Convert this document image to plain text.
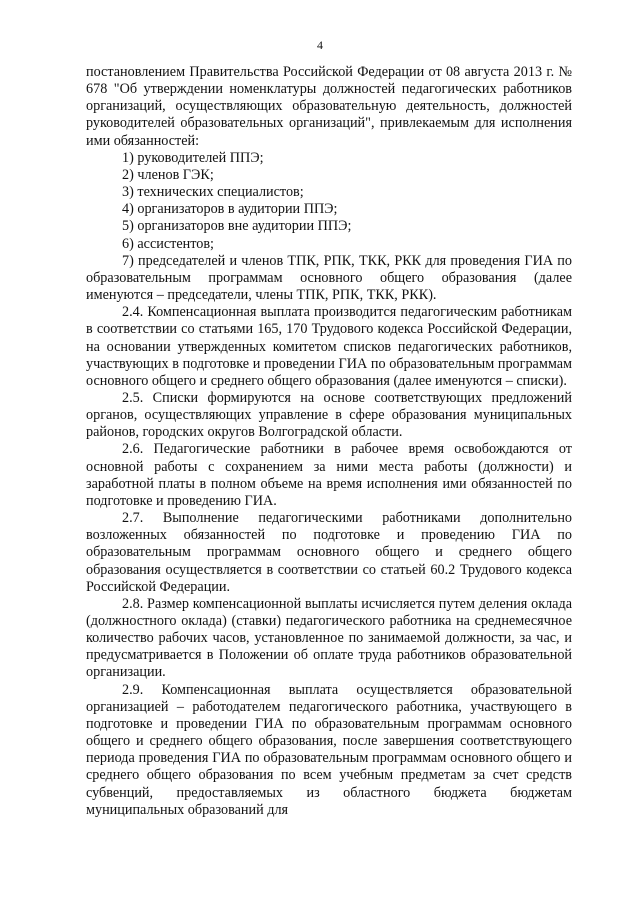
4

постановлением Правительства Российской Федерации от 08 августа 2013 г. № 678 "Об утверждении номенклатуры должностей педагогических работников организаций, осуществляющих образовательную деятельность, должностей руководителей образовательных организаций", привлекаемым для исполнения ими обязанностей:

1) руководителей ППЭ;

2) членов ГЭК;

3) технических специалистов;

4) организаторов в аудитории ППЭ;

5) организаторов вне аудитории ППЭ;

6) ассистентов;

7) председателей и членов ТПК, РПК, ТКК, РКК для проведения ГИА по образовательным программам основного общего образования (далее именуются – председатели, члены ТПК, РПК, ТКК, РКК).

2.4. Компенсационная выплата производится педагогическим работникам в соответствии со статьями 165, 170 Трудового кодекса Российской Федерации, на основании утвержденных комитетом списков педагогических работников, участвующих в подготовке и проведении ГИА по образовательным программам основного общего и среднего общего образования (далее именуются – списки).

2.5. Списки формируются на основе соответствующих предложений органов, осуществляющих управление в сфере образования муниципальных районов, городских округов Волгоградской области.

2.6. Педагогические работники в рабочее время освобождаются от основной работы с сохранением за ними места работы (должности) и заработной платы в полном объеме на время исполнения ими обязанностей по подготовке и проведению ГИА.

2.7. Выполнение педагогическими работниками дополнительно возложенных обязанностей по подготовке и проведению ГИА по образовательным программам основного общего и среднего общего образования осуществляется в соответствии со статьей 60.2 Трудового кодекса Российской Федерации.

2.8. Размер компенсационной выплаты исчисляется путем деления оклада (должностного оклада) (ставки) педагогического работника на среднемесячное количество рабочих часов, установленное по занимаемой должности, за час, и предусматривается в Положении об оплате труда работников образовательной организации.

2.9. Компенсационная выплата осуществляется образовательной организацией – работодателем педагогического работника, участвующего в подготовке и проведении ГИА по образовательным программам основного общего и среднего общего образования, после завершения соответствующего периода проведения ГИА по образовательным программам основного общего и среднего общего образования по всем учебным предметам за счет средств субвенций, предоставляемых из областного бюджета бюджетам муниципальных образований для
